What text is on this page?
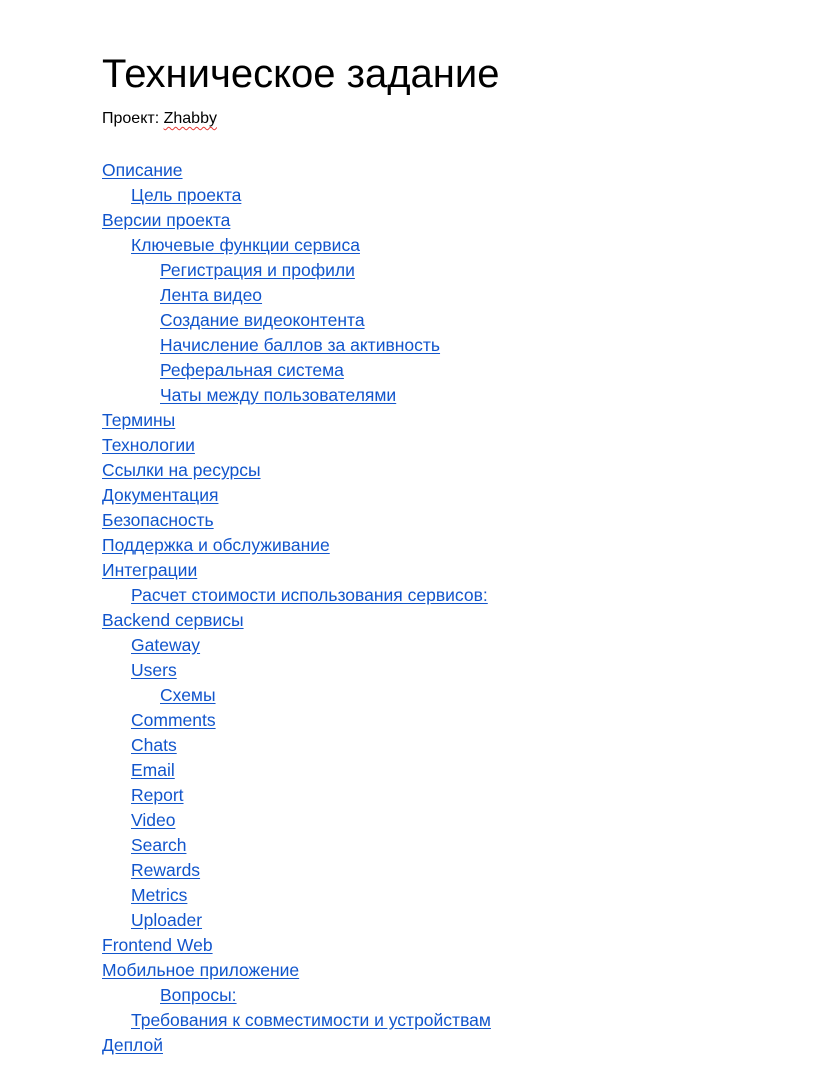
Техническое задание
Проект: Zhabby
Описание
Цель проекта
Версии проекта
Ключевые функции сервиса
Регистрация и профили
Лента видео
Создание видеоконтента
Начисление баллов за активность
Реферальная система
Чаты между пользователями
Термины
Технологии
Ссылки на ресурсы
Документация
Безопасность
Поддержка и обслуживание
Интеграции
Расчет стоимости использования сервисов:
Backend сервисы
Gateway
Users
Схемы
Comments
Chats
Email
Report
Video
Search
Rewards
Metrics
Uploader
Frontend Web
Мобильное приложение
Вопросы:
Требования к совместимости и устройствам
Деплой
